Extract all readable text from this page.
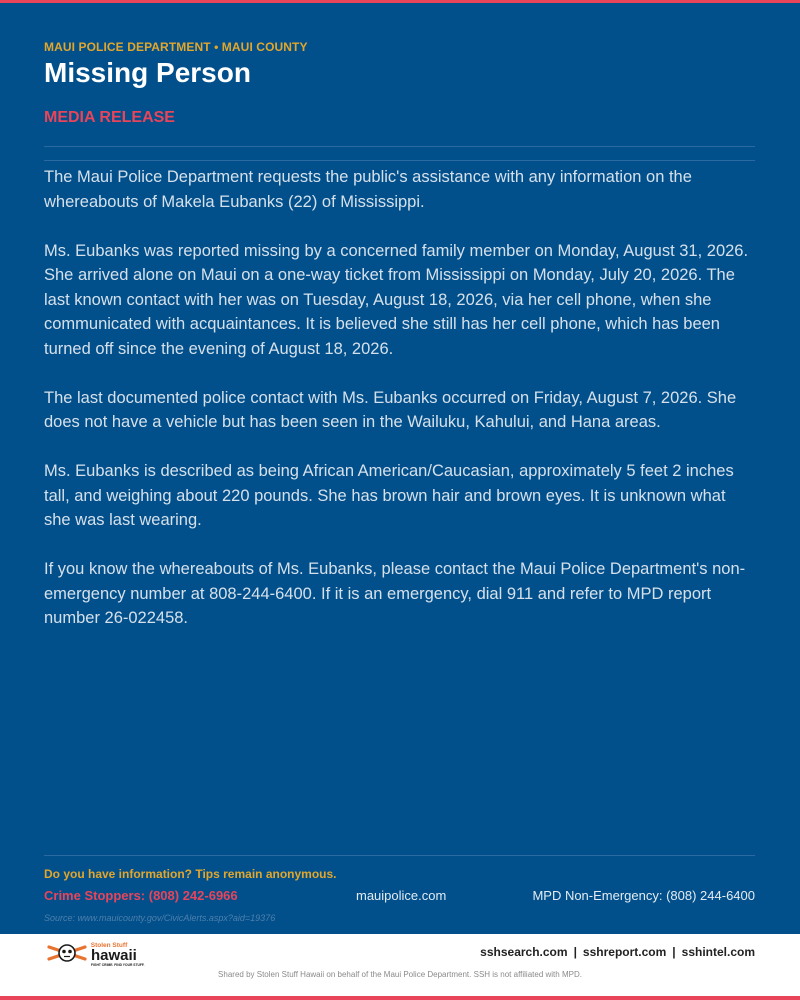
MAUI POLICE DEPARTMENT • MAUI COUNTY
Missing Person
MEDIA RELEASE

The Maui Police Department requests the public's assistance with any information on the whereabouts of Makela Eubanks (22) of Mississippi.

Ms. Eubanks was reported missing by a concerned family member on Monday, August 31, 2026. She arrived alone on Maui on a one-way ticket from Mississippi on Monday, July 20, 2026. The last known contact with her was on Tuesday, August 18, 2026, via her cell phone, when she communicated with acquaintances. It is believed she still has her cell phone, which has been turned off since the evening of August 18, 2026.

The last documented police contact with Ms. Eubanks occurred on Friday, August 7, 2026. She does not have a vehicle but has been seen in the Wailuku, Kahului, and Hana areas.

Ms. Eubanks is described as being African American/Caucasian, approximately 5 feet 2 inches tall, and weighing about 220 pounds. She has brown hair and brown eyes. It is unknown what she was last wearing.

If you know the whereabouts of Ms. Eubanks, please contact the Maui Police Department's non-emergency number at 808-244-6400. If it is an emergency, dial 911 and refer to MPD report number 26-022458.

Do you have information? Tips remain anonymous.
Crime Stoppers: (808) 242-6966	mauipolice.com	MPD Non-Emergency: (808) 244-6400
Source: www.mauicounty.gov/CivicAlerts.aspx?aid=19376
Stolen Stuff
hawaii
FIGHT CRIME. FIND YOUR STUFF.
sshsearch.com | sshreport.com | sshintel.com
Shared by Stolen Stuff Hawaii on behalf of the Maui Police Department. SSH is not affiliated with MPD.
